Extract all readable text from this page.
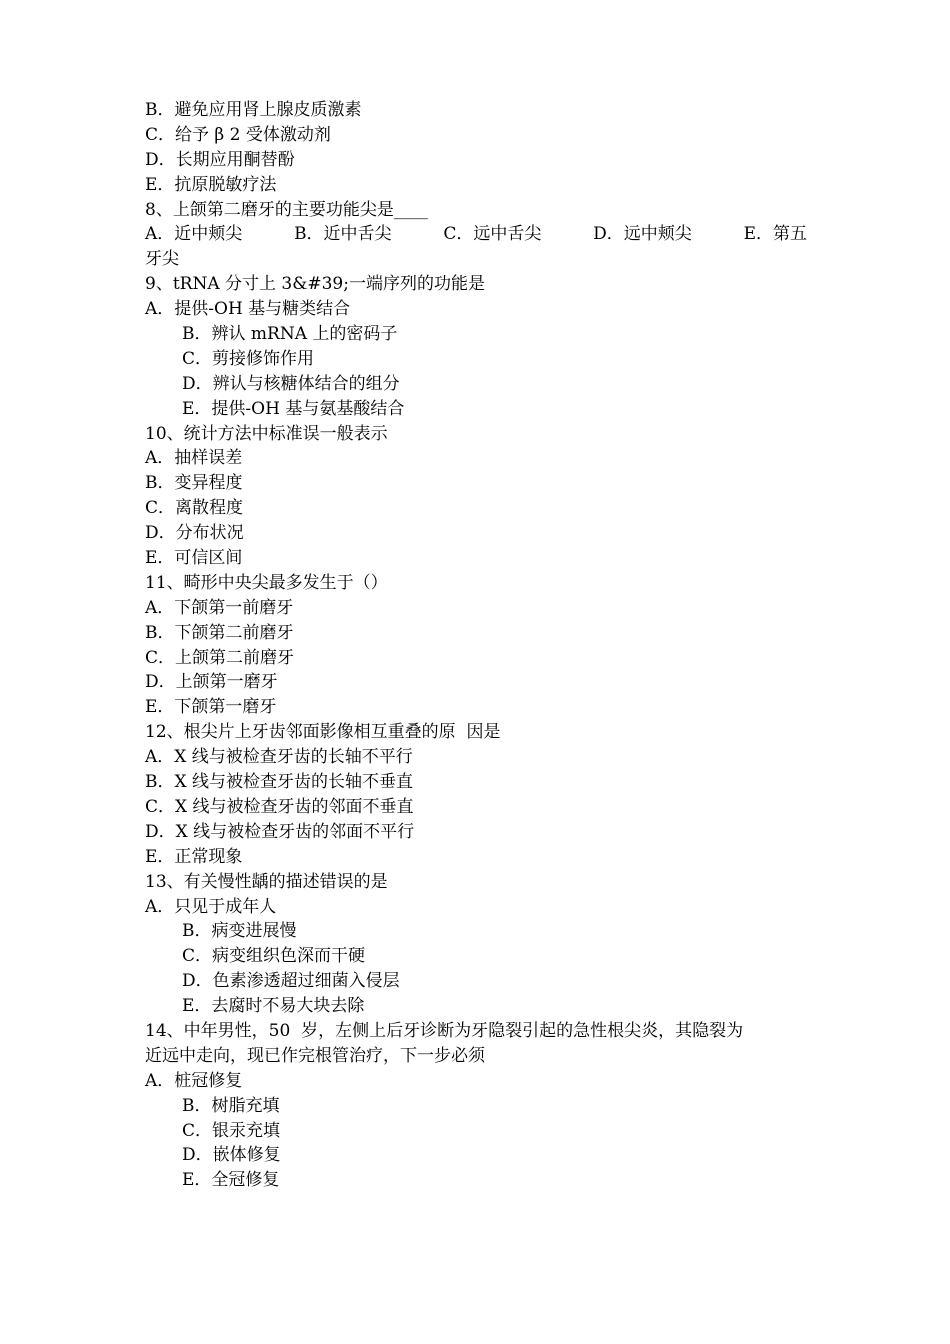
B．避免应用肾上腺皮质激素
C．给予 β 2 受体激动剂
D．长期应用酮替酚
E．抗原脱敏疗法
8、上颌第二磨牙的主要功能尖是____
A．近中颊尖	B．近中舌尖	C．远中舌尖	D．远中颊尖	E．第五
牙尖
9、tRNA 分寸上 3&#39;一端序列的功能是
A．提供-OH 基与糖类结合
B．辨认 mRNA 上的密码子
C．剪接修饰作用
D．辨认与核糖体结合的组分
E．提供-OH 基与氨基酸结合
10、统计方法中标准误一般表示
A．抽样误差
B．变异程度
C．离散程度
D．分布状况
E．可信区间
11、畸形中央尖最多发生于（）
A．下颌第一前磨牙
B．下颌第二前磨牙
C．上颌第二前磨牙
D．上颌第一磨牙
E．下颌第一磨牙
12、根尖片上牙齿邻面影像相互重叠的原  因是
A．X 线与被检查牙齿的长轴不平行
B．X 线与被检查牙齿的长轴不垂直
C．X 线与被检查牙齿的邻面不垂直
D．X 线与被检查牙齿的邻面不平行
E．正常现象
13、有关慢性龋的描述错误的是
A．只见于成年人
B．病变进展慢
C．病变组织色深而干硬
D．色素渗透超过细菌入侵层
E．去腐时不易大块去除
14、中年男性，50  岁，左侧上后牙诊断为牙隐裂引起的急性根尖炎，其隐裂为
近远中走向，现已作完根管治疗，下一步必须
A．桩冠修复
B．树脂充填
C．银汞充填
D．嵌体修复
E．全冠修复
